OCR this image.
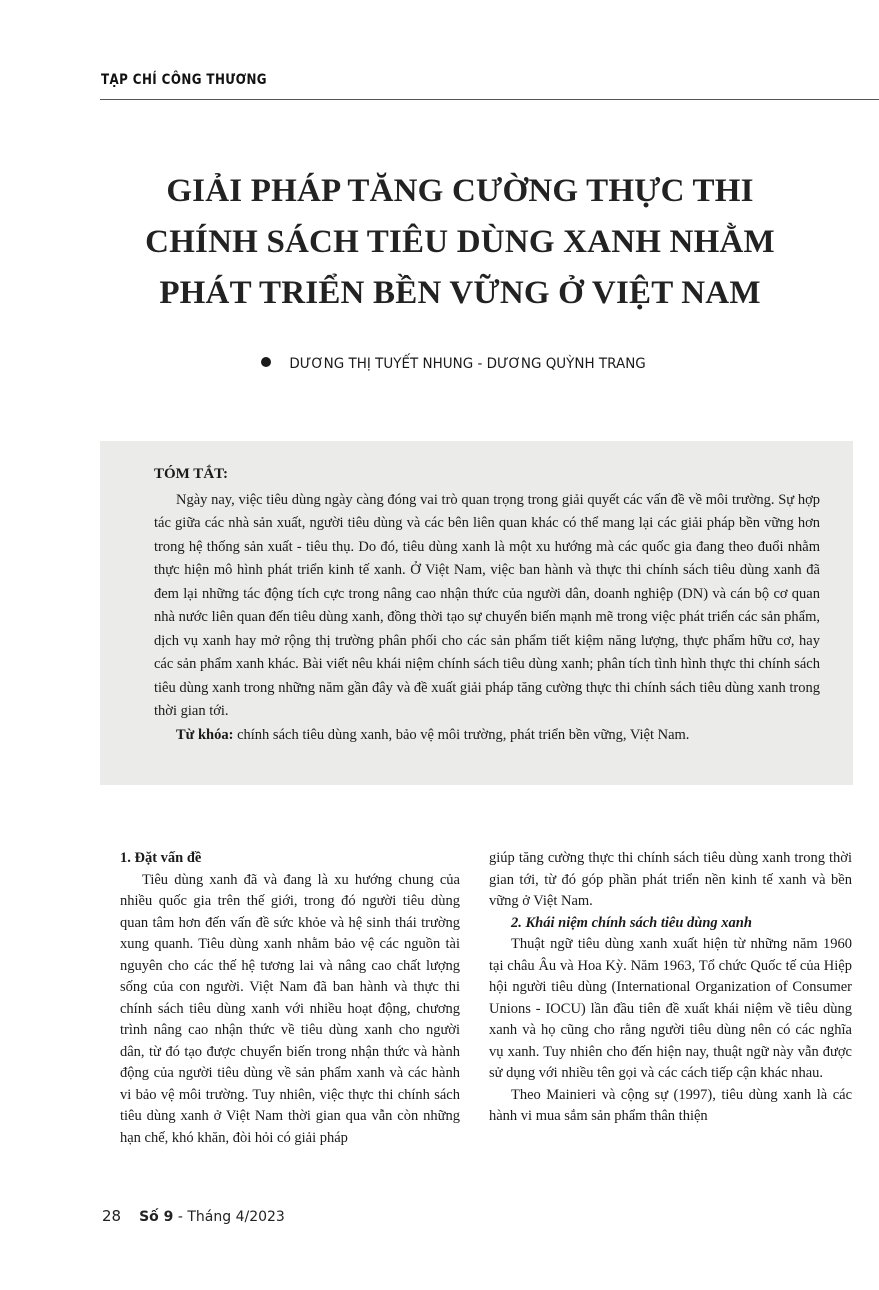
TẠP CHÍ CÔNG THƯƠNG
GIẢI PHÁP TĂNG CƯỜNG THỰC THI
CHÍNH SÁCH TIÊU DÙNG XANH NHẰM
PHÁT TRIỂN BỀN VỮNG Ở VIỆT NAM
DƯƠNG THỊ TUYẾT NHUNG - DƯƠNG QUỲNH TRANG
TÓM TẮT:

Ngày nay, việc tiêu dùng ngày càng đóng vai trò quan trọng trong giải quyết các vấn đề về môi trường. Sự hợp tác giữa các nhà sản xuất, người tiêu dùng và các bên liên quan khác có thể mang lại các giải pháp bền vững hơn trong hệ thống sản xuất - tiêu thụ. Do đó, tiêu dùng xanh là một xu hướng mà các quốc gia đang theo đuổi nhằm thực hiện mô hình phát triển kinh tế xanh. Ở Việt Nam, việc ban hành và thực thi chính sách tiêu dùng xanh đã đem lại những tác động tích cực trong nâng cao nhận thức của người dân, doanh nghiệp (DN) và cán bộ cơ quan nhà nước liên quan đến tiêu dùng xanh, đồng thời tạo sự chuyển biến mạnh mẽ trong việc phát triển các sản phẩm, dịch vụ xanh hay mở rộng thị trường phân phối cho các sản phẩm tiết kiệm năng lượng, thực phẩm hữu cơ, hay các sản phẩm xanh khác. Bài viết nêu khái niệm chính sách tiêu dùng xanh; phân tích tình hình thực thi chính sách tiêu dùng xanh trong những năm gần đây và đề xuất giải pháp tăng cường thực thi chính sách tiêu dùng xanh trong thời gian tới.

Từ khóa: chính sách tiêu dùng xanh, bảo vệ môi trường, phát triển bền vững, Việt Nam.

1. Đặt vấn đề

Tiêu dùng xanh đã và đang là xu hướng chung của nhiều quốc gia trên thế giới, trong đó người tiêu dùng quan tâm hơn đến vấn đề sức khỏe và hệ sinh thái trường xung quanh. Tiêu dùng xanh nhằm bảo vệ các nguồn tài nguyên cho các thế hệ tương lai và nâng cao chất lượng sống của con người. Việt Nam đã ban hành và thực thi chính sách tiêu dùng xanh với nhiều hoạt động, chương trình nâng cao nhận thức về tiêu dùng xanh cho người dân, từ đó tạo được chuyển biến trong nhận thức và hành động của người tiêu dùng về sản phẩm xanh và các hành vi bảo vệ môi trường. Tuy nhiên, việc thực thi chính sách tiêu dùng xanh ở Việt Nam thời gian qua vẫn còn những hạn chế, khó khăn, đòi hỏi có giải pháp

giúp tăng cường thực thi chính sách tiêu dùng xanh trong thời gian tới, từ đó góp phần phát triển nền kinh tế xanh và bền vững ở Việt Nam.

2. Khái niệm chính sách tiêu dùng xanh

Thuật ngữ tiêu dùng xanh xuất hiện từ những năm 1960 tại châu Âu và Hoa Kỳ. Năm 1963, Tổ chức Quốc tế của Hiệp hội người tiêu dùng (International Organization of Consumer Unions - IOCU) lần đầu tiên đề xuất khái niệm về tiêu dùng xanh và họ cũng cho rằng người tiêu dùng nên có các nghĩa vụ xanh. Tuy nhiên cho đến hiện nay, thuật ngữ này vẫn được sử dụng với nhiều tên gọi và các cách tiếp cận khác nhau.

Theo Mainieri và cộng sự (1997), tiêu dùng xanh là các hành vi mua sắm sản phẩm thân thiện

28 Số 9 - Tháng 4/2023
